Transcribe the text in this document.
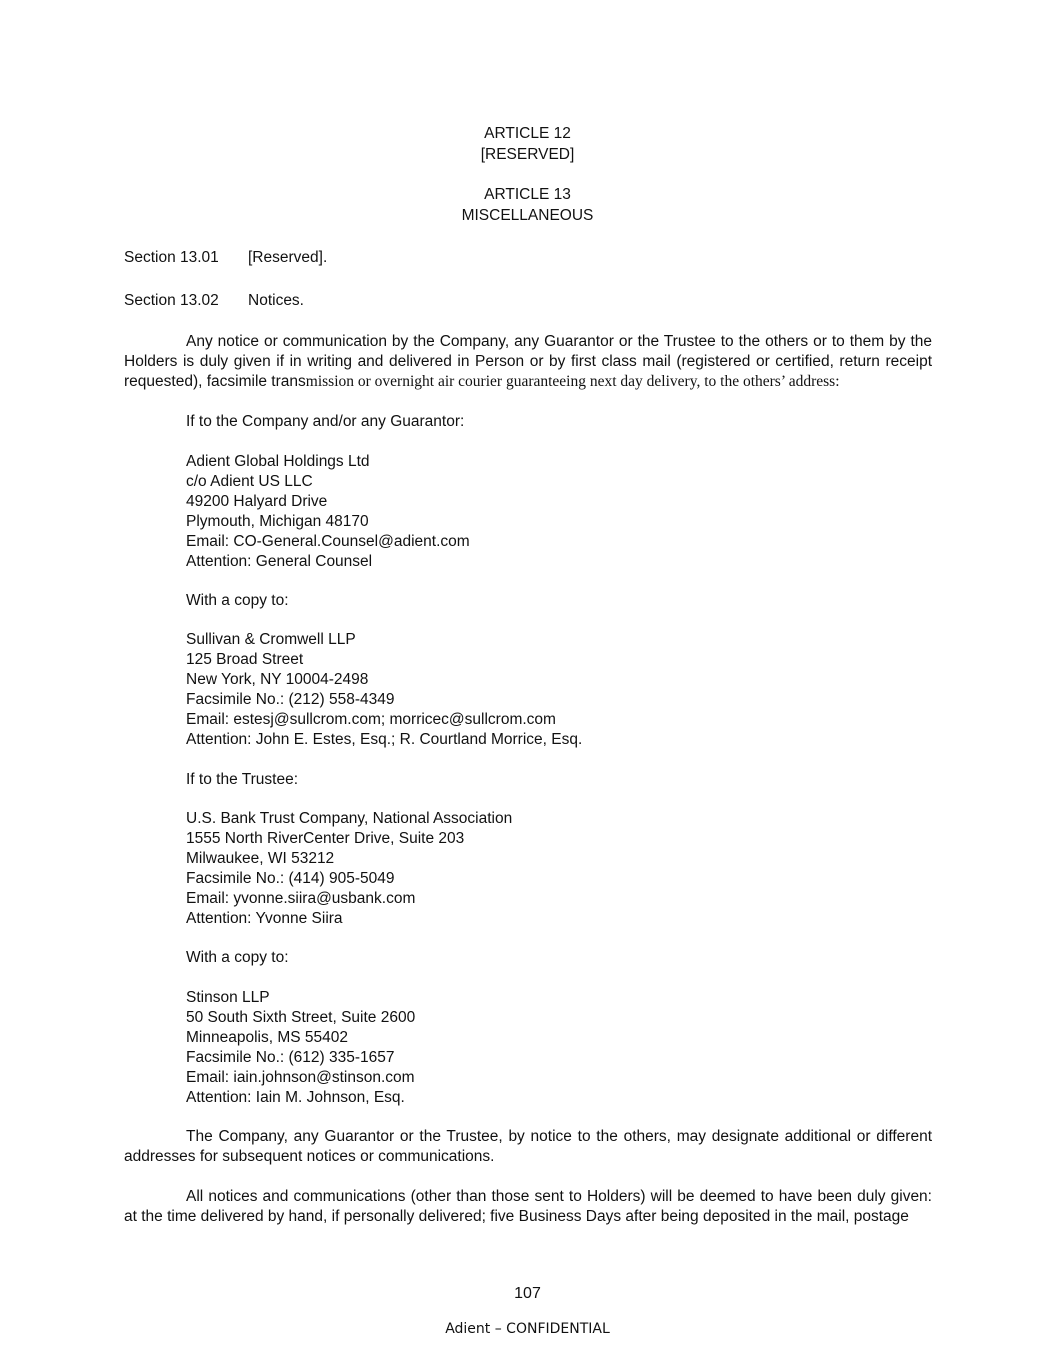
ARTICLE 12
[RESERVED]
ARTICLE 13
MISCELLANEOUS
Section 13.01 [Reserved].
Section 13.02 Notices.
Any notice or communication by the Company, any Guarantor or the Trustee to the others or to them by the Holders is duly given if in writing and delivered in Person or by first class mail (registered or certified, return receipt requested), facsimile transmission or overnight air courier guaranteeing next day delivery, to the others’ address:
If to the Company and/or any Guarantor:
Adient Global Holdings Ltd
c/o Adient US LLC
49200 Halyard Drive
Plymouth, Michigan 48170
Email: CO-General.Counsel@adient.com
Attention: General Counsel
With a copy to:
Sullivan & Cromwell LLP
125 Broad Street
New York, NY 10004-2498
Facsimile No.: (212) 558-4349
Email: estesj@sullcrom.com; morricec@sullcrom.com
Attention: John E. Estes, Esq.; R. Courtland Morrice, Esq.
If to the Trustee:
U.S. Bank Trust Company, National Association
1555 North RiverCenter Drive, Suite 203
Milwaukee, WI 53212
Facsimile No.: (414) 905-5049
Email: yvonne.siira@usbank.com
Attention: Yvonne Siira
With a copy to:
Stinson LLP
50 South Sixth Street, Suite 2600
Minneapolis, MS 55402
Facsimile No.: (612) 335-1657
Email: iain.johnson@stinson.com
Attention: Iain M. Johnson, Esq.
The Company, any Guarantor or the Trustee, by notice to the others, may designate additional or different addresses for subsequent notices or communications.
All notices and communications (other than those sent to Holders) will be deemed to have been duly given: at the time delivered by hand, if personally delivered; five Business Days after being deposited in the mail, postage
107
Adient – CONFIDENTIAL
